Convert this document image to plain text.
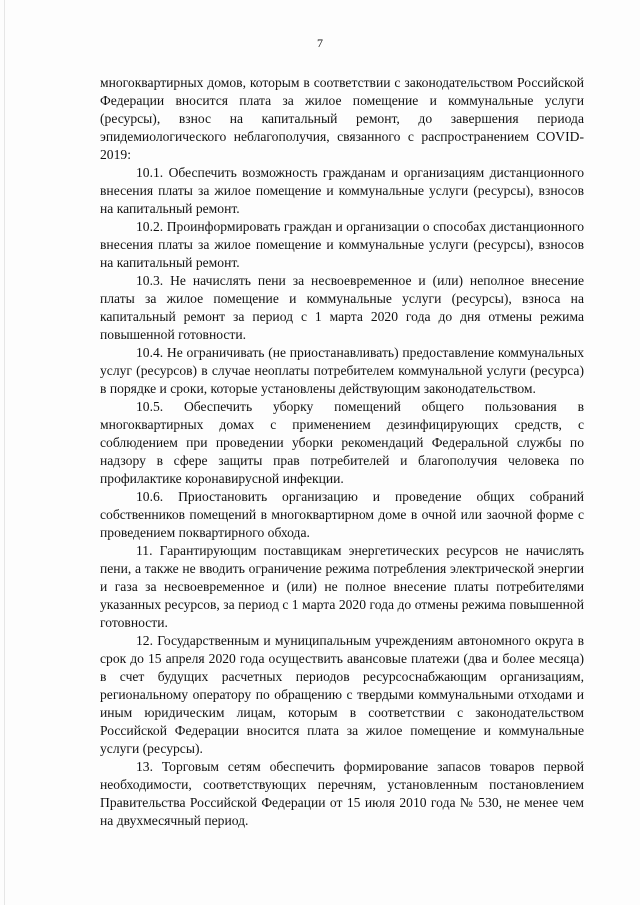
7

многоквартирных домов, которым в соответствии с законодательством Российской Федерации вносится плата за жилое помещение и коммунальные услуги (ресурсы), взнос на капитальный ремонт, до завершения периода эпидемиологического неблагополучия, связанного с распространением COVID-2019:

10.1. Обеспечить возможность гражданам и организациям дистанционного внесения платы за жилое помещение и коммунальные услуги (ресурсы), взносов на капитальный ремонт.

10.2. Проинформировать граждан и организации о способах дистанционного внесения платы за жилое помещение и коммунальные услуги (ресурсы), взносов на капитальный ремонт.

10.3. Не начислять пени за несвоевременное и (или) неполное внесение платы за жилое помещение и коммунальные услуги (ресурсы), взноса на капитальный ремонт за период с 1 марта 2020 года до дня отмены режима повышенной готовности.

10.4. Не ограничивать (не приостанавливать) предоставление коммунальных услуг (ресурсов) в случае неоплаты потребителем коммунальной услуги (ресурса) в порядке и сроки, которые установлены действующим законодательством.

10.5. Обеспечить уборку помещений общего пользования в многоквартирных домах с применением дезинфицирующих средств, с соблюдением при проведении уборки рекомендаций Федеральной службы по надзору в сфере защиты прав потребителей и благополучия человека по профилактике коронавирусной инфекции.

10.6. Приостановить организацию и проведение общих собраний собственников помещений в многоквартирном доме в очной или заочной форме с проведением поквартирного обхода.

11. Гарантирующим поставщикам энергетических ресурсов не начислять пени, а также не вводить ограничение режима потребления электрической энергии и газа за несвоевременное и (или) не полное внесение платы потребителями указанных ресурсов, за период с 1 марта 2020 года до отмены режима повышенной готовности.

12. Государственным и муниципальным учреждениям автономного округа в срок до 15 апреля 2020 года осуществить авансовые платежи (два и более месяца) в счет будущих расчетных периодов ресурсоснабжающим организациям, региональному оператору по обращению с твердыми коммунальными отходами и иным юридическим лицам, которым в соответствии с законодательством Российской Федерации вносится плата за жилое помещение и коммунальные услуги (ресурсы).

13. Торговым сетям обеспечить формирование запасов товаров первой необходимости, соответствующих перечням, установленным постановлением Правительства Российской Федерации от 15 июля 2010 года № 530, не менее чем на двухмесячный период.
